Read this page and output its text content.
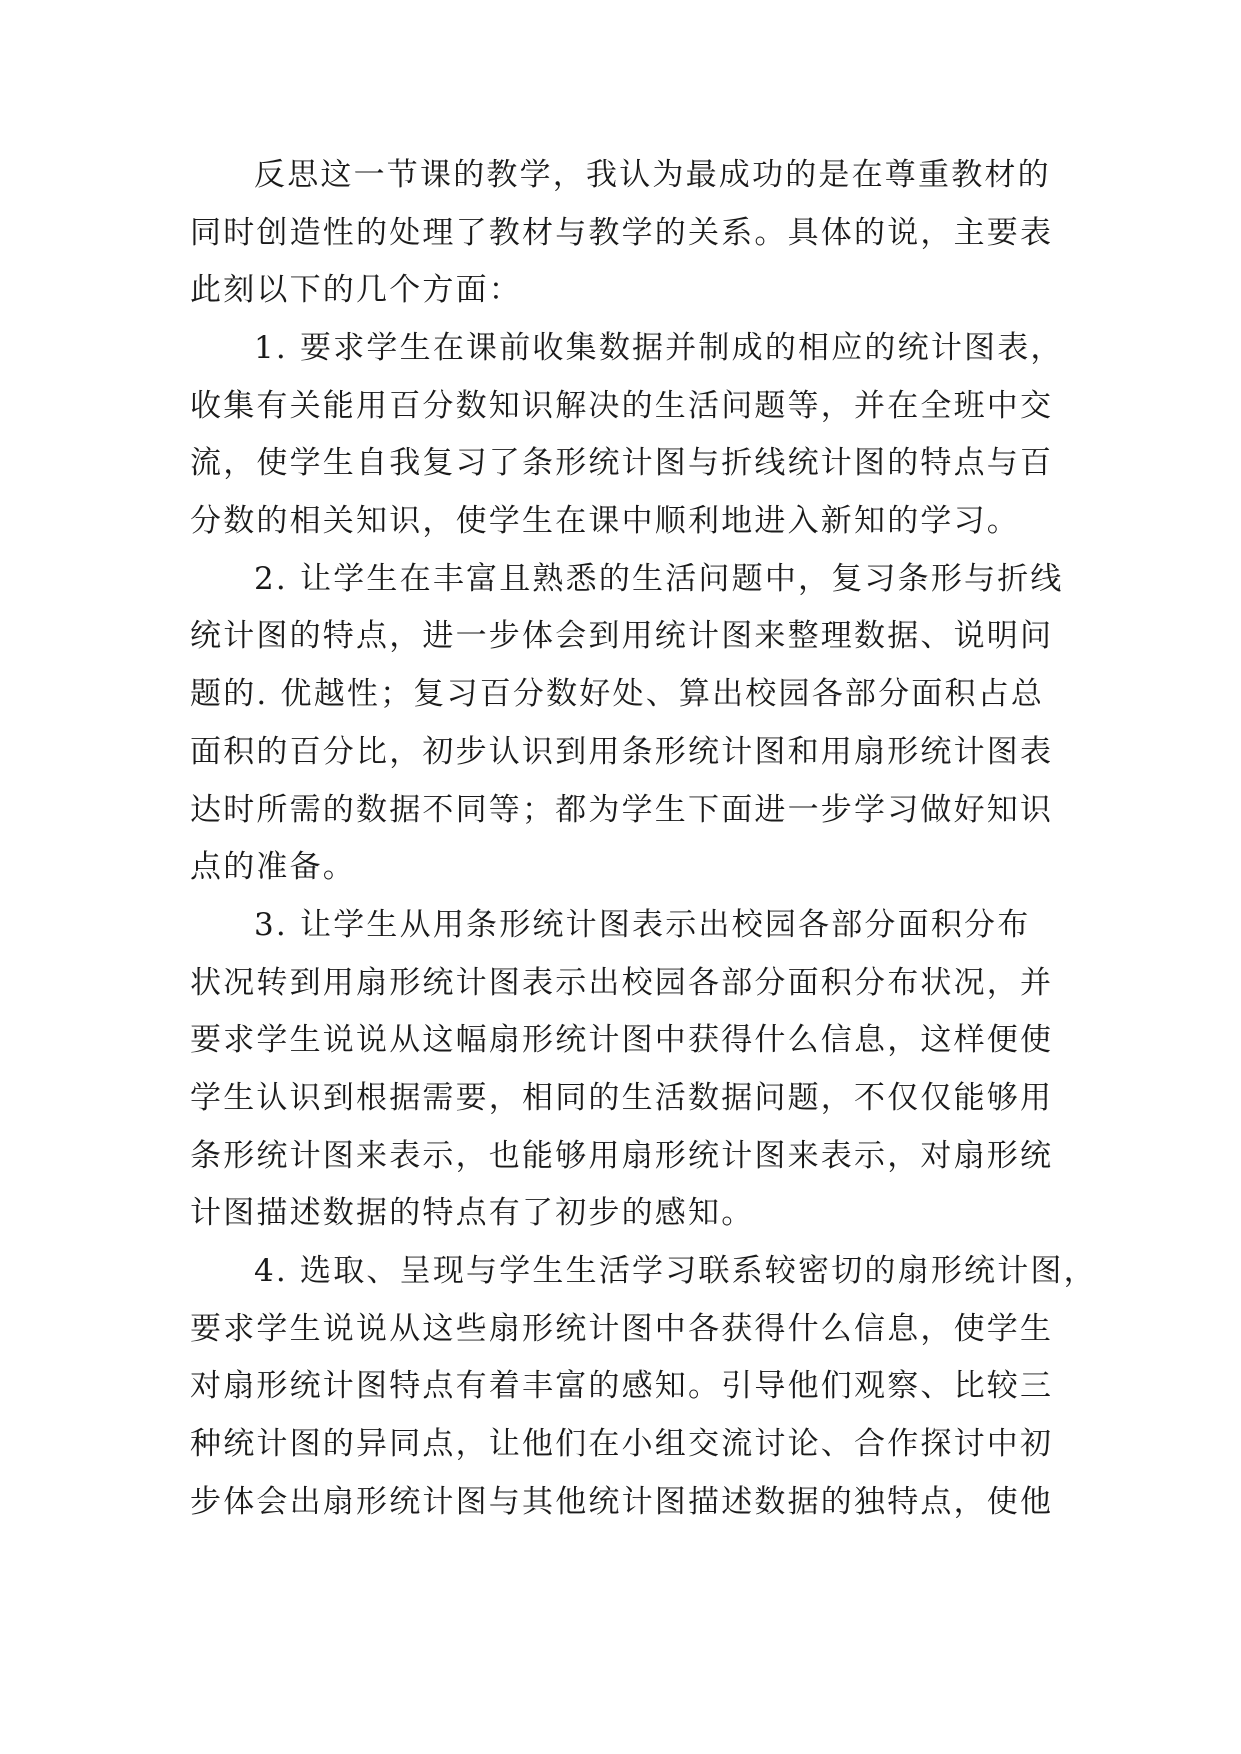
反思这一节课的教学，我认为最成功的是在尊重教材的
同时创造性的处理了教材与教学的关系。具体的说，主要表
此刻以下的几个方面：
1. 要求学生在课前收集数据并制成的相应的统计图表，
收集有关能用百分数知识解决的生活问题等，并在全班中交
流，使学生自我复习了条形统计图与折线统计图的特点与百
分数的相关知识，使学生在课中顺利地进入新知的学习。
2. 让学生在丰富且熟悉的生活问题中，复习条形与折线
统计图的特点，进一步体会到用统计图来整理数据、说明问
题的. 优越性；复习百分数好处、算出校园各部分面积占总
面积的百分比，初步认识到用条形统计图和用扇形统计图表
达时所需的数据不同等；都为学生下面进一步学习做好知识
点的准备。
3. 让学生从用条形统计图表示出校园各部分面积分布
状况转到用扇形统计图表示出校园各部分面积分布状况，并
要求学生说说从这幅扇形统计图中获得什么信息，这样便使
学生认识到根据需要，相同的生活数据问题，不仅仅能够用
条形统计图来表示，也能够用扇形统计图来表示，对扇形统
计图描述数据的特点有了初步的感知。
4. 选取、呈现与学生生活学习联系较密切的扇形统计图，
要求学生说说从这些扇形统计图中各获得什么信息，使学生
对扇形统计图特点有着丰富的感知。引导他们观察、比较三
种统计图的异同点，让他们在小组交流讨论、合作探讨中初
步体会出扇形统计图与其他统计图描述数据的独特点，使他
